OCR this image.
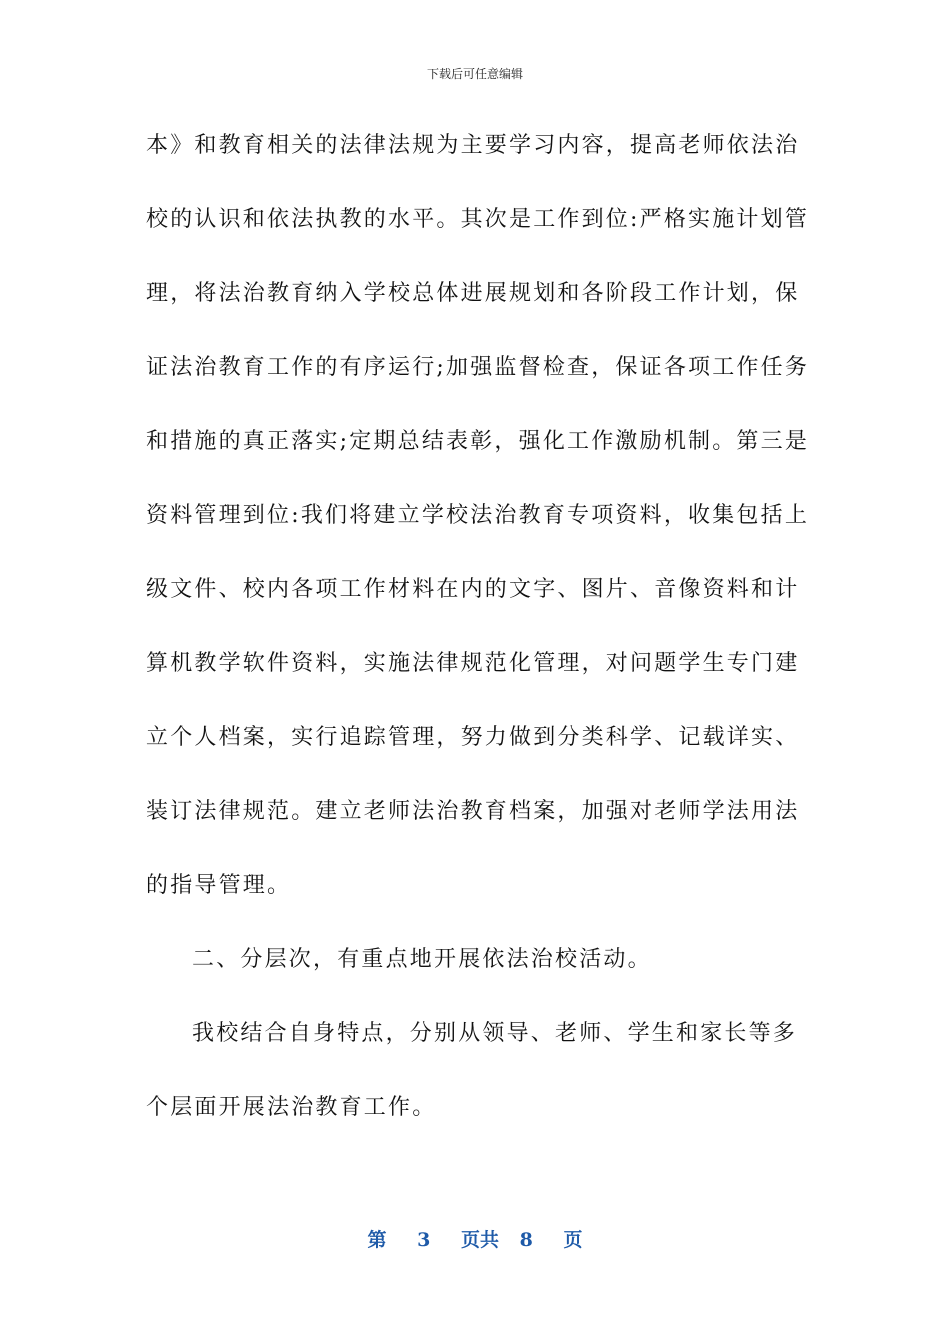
下载后可任意编辑
本》和教育相关的法律法规为主要学习内容，提高老师依法治
校的认识和依法执教的水平。其次是工作到位:严格实施计划管
理，将法治教育纳入学校总体进展规划和各阶段工作计划，保
证法治教育工作的有序运行;加强监督检查，保证各项工作任务
和措施的真正落实;定期总结表彰，强化工作激励机制。第三是
资料管理到位:我们将建立学校法治教育专项资料，收集包括上
级文件、校内各项工作材料在内的文字、图片、音像资料和计
算机教学软件资料，实施法律规范化管理，对问题学生专门建
立个人档案，实行追踪管理，努力做到分类科学、记载详实、
装订法律规范。建立老师法治教育档案，加强对老师学法用法
的指导管理。
二、分层次，有重点地开展依法治校活动。
我校结合自身特点，分别从领导、老师、学生和家长等多
个层面开展法治教育工作。
第 3 页共 8 页
